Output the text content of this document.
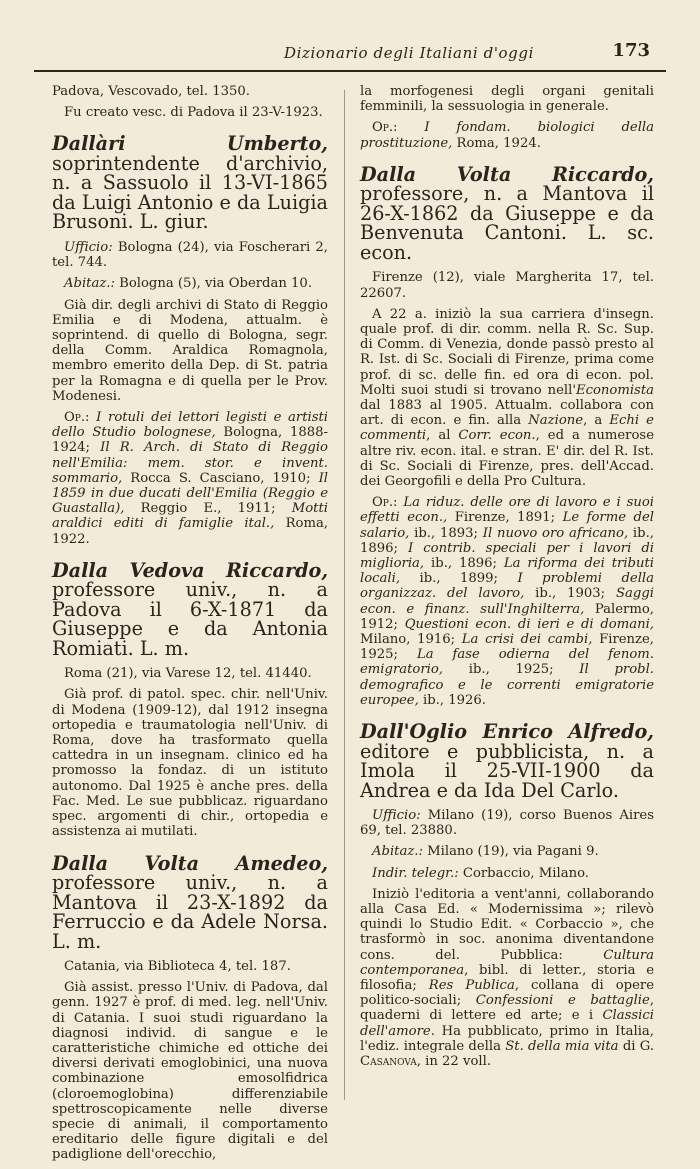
Dizionario degli Italiani d'oggi	173

Padova, Vescovado, tel. 1350.

Fu creato vesc. di Padova il 23-V-1923.

Dallàri Umberto, soprintendente d'archivio, n. a Sassuolo il 13-VI-1865 da Luigi Antonio e da Luigia Brusoni. L. giur.

Ufficio: Bologna (24), via Foscherari 2, tel. 744.

Abitaz.: Bologna (5), via Oberdan 10.

Già dir. degli archivi di Stato di Reggio Emilia e di Modena, attualm. è soprintend. di quello di Bologna, segr. della Comm. Araldica Romagnola, membro emerito della Dep. di St. patria per la Romagna e di quella per le Prov. Modenesi.

Op.: I rotuli dei lettori legisti e artisti dello Studio bolognese, Bologna, 1888-1924; Il R. Arch. di Stato di Reggio nell'Emilia: mem. stor. e invent. sommario, Rocca S. Casciano, 1910; Il 1859 in due ducati dell'Emilia (Reggio e Guastalla), Reggio E., 1911; Motti araldici editi di famiglie ital., Roma, 1922.

Dalla Vedova Riccardo, professore univ., n. a Padova il 6-X-1871 da Giuseppe e da Antonia Romiati. L. m.

Roma (21), via Varese 12, tel. 41440.

Già prof. di patol. spec. chir. nell'Univ. di Modena (1909-12), dal 1912 insegna ortopedia e traumatologia nell'Univ. di Roma, dove ha trasformato quella cattedra in un insegnam. clinico ed ha promosso la fondaz. di un istituto autonomo. Dal 1925 è anche pres. della Fac. Med. Le sue pubblicaz. riguardano spec. argomenti di chir., ortopedia e assistenza ai mutilati.

Dalla Volta Amedeo, professore univ., n. a Mantova il 23-X-1892 da Ferruccio e da Adele Norsa. L. m.

Catania, via Biblioteca 4, tel. 187.

Già assist. presso l'Univ. di Padova, dal genn. 1927 è prof. di med. leg. nell'Univ. di Catania. I suoi studi riguardano la diagnosi individ. di sangue e le caratteristiche chimiche ed ottiche dei diversi derivati emoglobinici, una nuova combinazione emosolfidrica (cloroemoglobina) differenziabile spettroscopicamente nelle diverse specie di animali, il comportamento ereditario delle figure digitali e del padiglione dell'orecchio,

la morfogenesi degli organi genitali femminili, la sessuologia in generale.

Op.: I fondam. biologici della prostituzione, Roma, 1924.

Dalla Volta Riccardo, professore, n. a Mantova il 26-X-1862 da Giuseppe e da Benvenuta Cantoni. L. sc. econ.

Firenze (12), viale Margherita 17, tel. 22607.

A 22 a. iniziò la sua carriera d'insegn. quale prof. di dir. comm. nella R. Sc. Sup. di Comm. di Venezia, donde passò presto al R. Ist. di Sc. Sociali di Firenze, prima come prof. di sc. delle fin. ed ora di econ. pol. Molti suoi studi si trovano nell'Economista dal 1883 al 1905. Attualm. collabora con art. di econ. e fin. alla Nazione, a Echi e commenti, al Corr. econ., ed a numerose altre riv. econ. ital. e stran. E' dir. del R. Ist. di Sc. Sociali di Firenze, pres. dell'Accad. dei Georgofili e della Pro Cultura.

Op.: La riduz. delle ore di lavoro e i suoi effetti econ., Firenze, 1891; Le forme del salario, ib., 1893; Il nuovo oro africano, ib., 1896; I contrib. speciali per i lavori di miglioria, ib., 1896; La riforma dei tributi locali, ib., 1899; I problemi della organizzaz. del lavoro, ib., 1903; Saggi econ. e finanz. sull'Inghilterra, Palermo, 1912; Questioni econ. di ieri e di domani, Milano, 1916; La crisi dei cambi, Firenze, 1925; La fase odierna del fenom. emigratorio, ib., 1925; Il probl. demografico e le correnti emigratorie europee, ib., 1926.

Dall'Oglio Enrico Alfredo, editore e pubblicista, n. a Imola il 25-VII-1900 da Andrea e da Ida Del Carlo.

Ufficio: Milano (19), corso Buenos Aires 69, tel. 23880.

Abitaz.: Milano (19), via Pagani 9.

Indir. telegr.: Corbaccio, Milano.

Iniziò l'editoria a vent'anni, collaborando alla Casa Ed. « Modernissima »; rilevò quindi lo Studio Edit. « Corbaccio », che trasformò in soc. anonima diventandone cons. del. Pubblica: Cultura contemporanea, bibl. di letter., storia e filosofia; Res Publica, collana di opere politico-sociali; Confessioni e battaglie, quaderni di lettere ed arte; e i Classici dell'amore. Ha pubblicato, primo in Italia, l'ediz. integrale della St. della mia vita di G. Casanova, in 22 voll.
